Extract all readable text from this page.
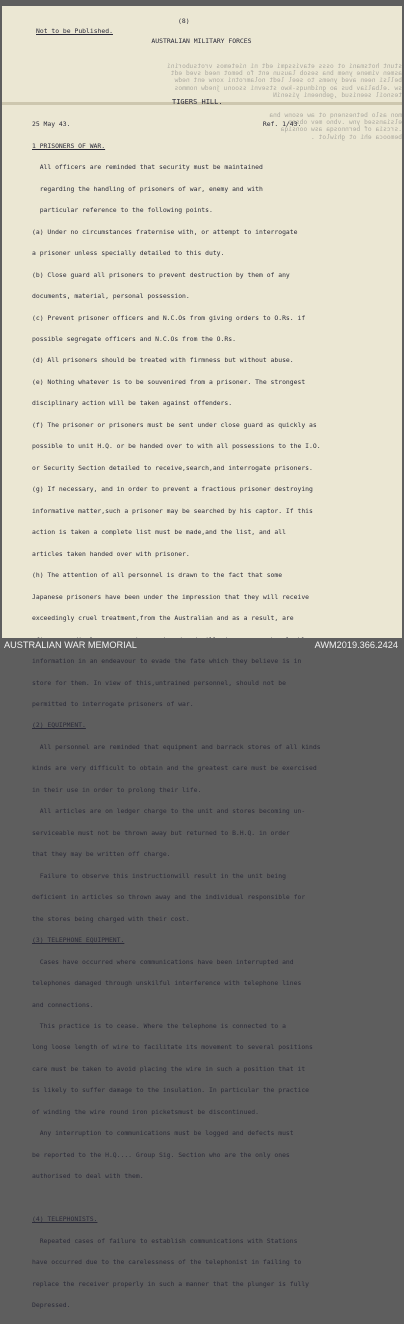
(8)
Not to be Published.
AUSTRALIAN MILITARY FORCES
stunt hotsmani ot osss etavissqmi edt ni nietemos vrotsuborini
asmen vimene ynem bna sesob lausun ent fo bemot need sved edt
bellsi neen aved ynems to seel ledt nolamrotni xonw ent nedw
sw .elbaliav bus ao gnidnuqs-kwo stsevni ssoonu jnedw nommos
tesnoil seenisud ,gebneeni yiseniN
TIGERS HILL.
mon aslo betnesnenq ot aw esonw bna
elsianssed ynw .vbno mev obsen
.srcsia of bernnosqa asw oonsiqa
bemooca ehi ot ghiwlot .

25 May 43.                                                  Ref. 1/43.

1 PRISONERS OF WAR.

All officers are reminded that security must be maintained

regarding the handling of prisoners of war, enemy and with

particular reference to the following points.

(a) Under no circumstances fraternise with, or attempt to interrogate

a prisoner unless specially detailed to this duty.

(b) Close guard all prisoners to prevent destruction by them of any

documents, material, personal possession.

(c) Prevent prisoner officers and N.C.Os from giving orders to O.Rs. if

possible segregate officers and N.C.Os from the O.Rs.

(d) All prisoners should be treated with firmness but without abuse.

(e) Nothing whatever is to be souvenired from a prisoner. The strongest

disciplinary action will be taken against offenders.

(f) The prisoner or prisoners must be sent under close guard as quickly as

possible to unit H.Q. or be handed over to with all possessions to the I.O.

or Security Section detailed to receive,search,and interrogate prisoners.

(g) If necessary, and in order to prevent a fractious prisoner destroying

informative matter,such a prisoner may be searched by his captor. If this

action is taken a complete list must be made,and the list, and all

articles taken handed over with prisoner.

(h) The attention of all personnel is drawn to the fact that some

Japanese prisoners have been under the impression that they will receive

exceedingly cruel treatment,from the Australian and as a result, are

information in an endeavour to evade the fate which they believe is in

store for them. In view of this,untrained personnel, should not be

permitted to interrogate prisoners of war.

(2) EQUIPMENT.

All personnel are reminded that equipment and barrack stores of all kinds

kinds are very difficult to obtain and the greatest care must be exercised

in their use in order to prolong their life.

All articles are on ledger charge to the unit and stores becoming un-

serviceable must not be thrown away but returned to B.H.Q. in order

that they may be written off charge.

Failure to observe this instructionwill result in the unit being

deficient in articles so thrown away and the individual responsible for

the stores being charged with their cost.

(3) TELEPHONE EQUIPMENT.

Cases have occurred where communications have been interrupted and

telephones damaged through unskilful interference with telephone lines

and connections.

This practice is to cease. Where the telephone is connected to a

long loose length of wire to facilitate its movement to several positions

care must be taken to avoid placing the wire in such a position that it

is likely to suffer damage to the insulation. In particular the practice

of winding the wire round iron picketsmust be discontinued.

Any interruption to communications must be logged and defects must

be reported to the H.Q.... Group Sig. Section who are the only ones

authorised to deal with them.

(4) TELEPHONISTS.

Repeated cases of failure to establish communications with Stations

have occurred due to the carelessness of the telephonist in failing to

replace the receiver properly in such a manner that the plunger is fully

Depressed.

AUSTRALIAN WAR MEMORIAL	AWM2019.366.2424
